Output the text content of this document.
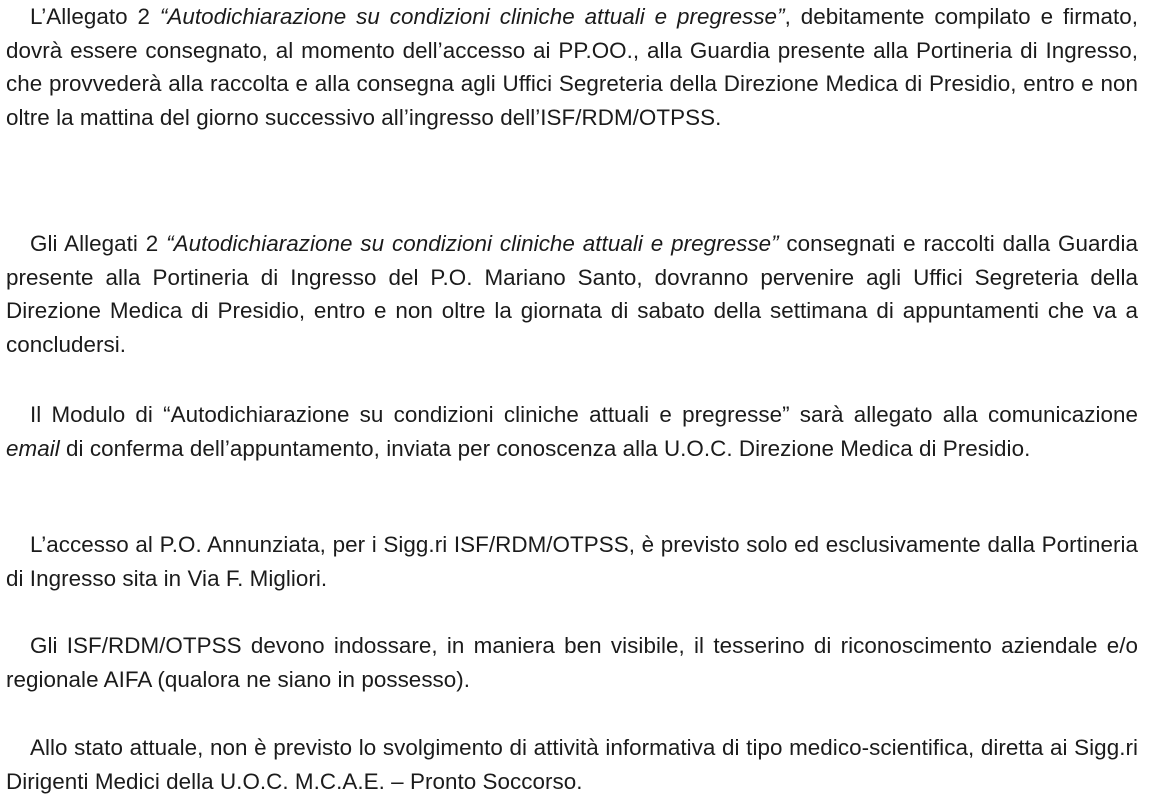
L’Allegato 2 “Autodichiarazione su condizioni cliniche attuali e pregresse”, debitamente compilato e firmato, dovrà essere consegnato, al momento dell’accesso ai PP.OO., alla Guardia presente alla Portineria di Ingresso, che provvederà alla raccolta e alla consegna agli Uffici Segreteria della Direzione Medica di Presidio, entro e non oltre la mattina del giorno successivo all’ingresso dell’ISF/RDM/OTPSS.

Gli Allegati 2 “Autodichiarazione su condizioni cliniche attuali e pregresse” consegnati e raccolti dalla Guardia presente alla Portineria di Ingresso del P.O. Mariano Santo, dovranno pervenire agli Uffici Segreteria della Direzione Medica di Presidio, entro e non oltre la giornata di sabato della settimana di appuntamenti che va a concludersi.

Il Modulo di “Autodichiarazione su condizioni cliniche attuali e pregresse” sarà allegato alla comunicazione email di conferma dell’appuntamento, inviata per conoscenza alla U.O.C. Direzione Medica di Presidio.

L’accesso al P.O. Annunziata, per i Sigg.ri ISF/RDM/OTPSS, è previsto solo ed esclusivamente dalla Portineria di Ingresso sita in Via F. Migliori.

Gli ISF/RDM/OTPSS devono indossare, in maniera ben visibile, il tesserino di riconoscimento aziendale e/o regionale AIFA (qualora ne siano in possesso).

Allo stato attuale, non è previsto lo svolgimento di attività informativa di tipo medico-scientifica, diretta ai Sigg.ri Dirigenti Medici della U.O.C. M.C.A.E. – Pronto Soccorso.
